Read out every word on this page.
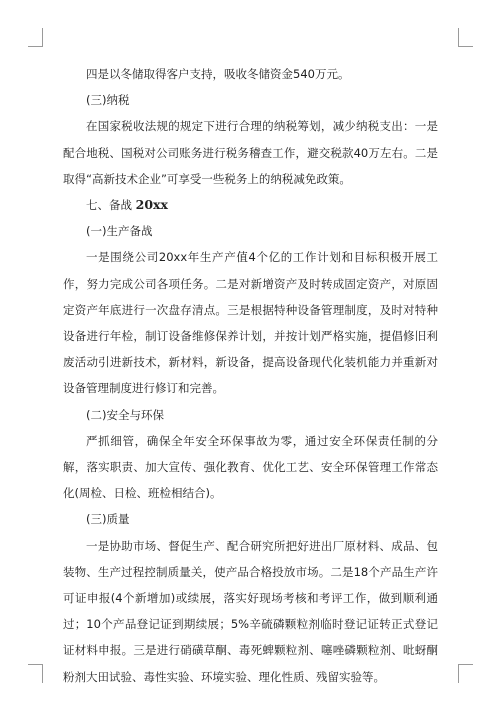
四是以冬储取得客户支持，吸收冬储资金540万元。

(三)纳税

在国家税收法规的规定下进行合理的纳税筹划，减少纳税支出：一是配合地税、国税对公司账务进行税务稽查工作，避交税款40万左右。二是取得“高新技术企业”可享受一些税务上的纳税减免政策。

七、备战 20xx

(一)生产备战

一是围绕公司20xx年生产产值4个亿的工作计划和目标积极开展工作，努力完成公司各项任务。二是对新增资产及时转成固定资产，对原固定资产年底进行一次盘存清点。三是根据特种设备管理制度，及时对特种设备进行年检，制订设备维修保养计划，并按计划严格实施，提倡修旧利废活动引进新技术，新材料，新设备，提高设备现代化装机能力并重新对设备管理制度进行修订和完善。

(二)安全与环保

严抓细管，确保全年安全环保事故为零，通过安全环保责任制的分解，落实职责、加大宣传、强化教育、优化工艺、安全环保管理工作常态化(周检、日检、班检相结合)。

(三)质量

一是协助市场、督促生产、配合研究所把好进出厂原材料、成品、包装物、生产过程控制质量关，使产品合格投放市场。二是18个产品生产许可证申报(4个新增加)或续展，落实好现场考核和考评工作，做到顺利通过；10个产品登记证到期续展；5%辛硫磷颗粒剂临时登记证转正式登记证材料申报。三是进行硝磺草酮、毒死蜱颗粒剂、噻唑磷颗粒剂、吡蚜酮粉剂大田试验、毒性实验、环境实验、理化性质、残留实验等。
